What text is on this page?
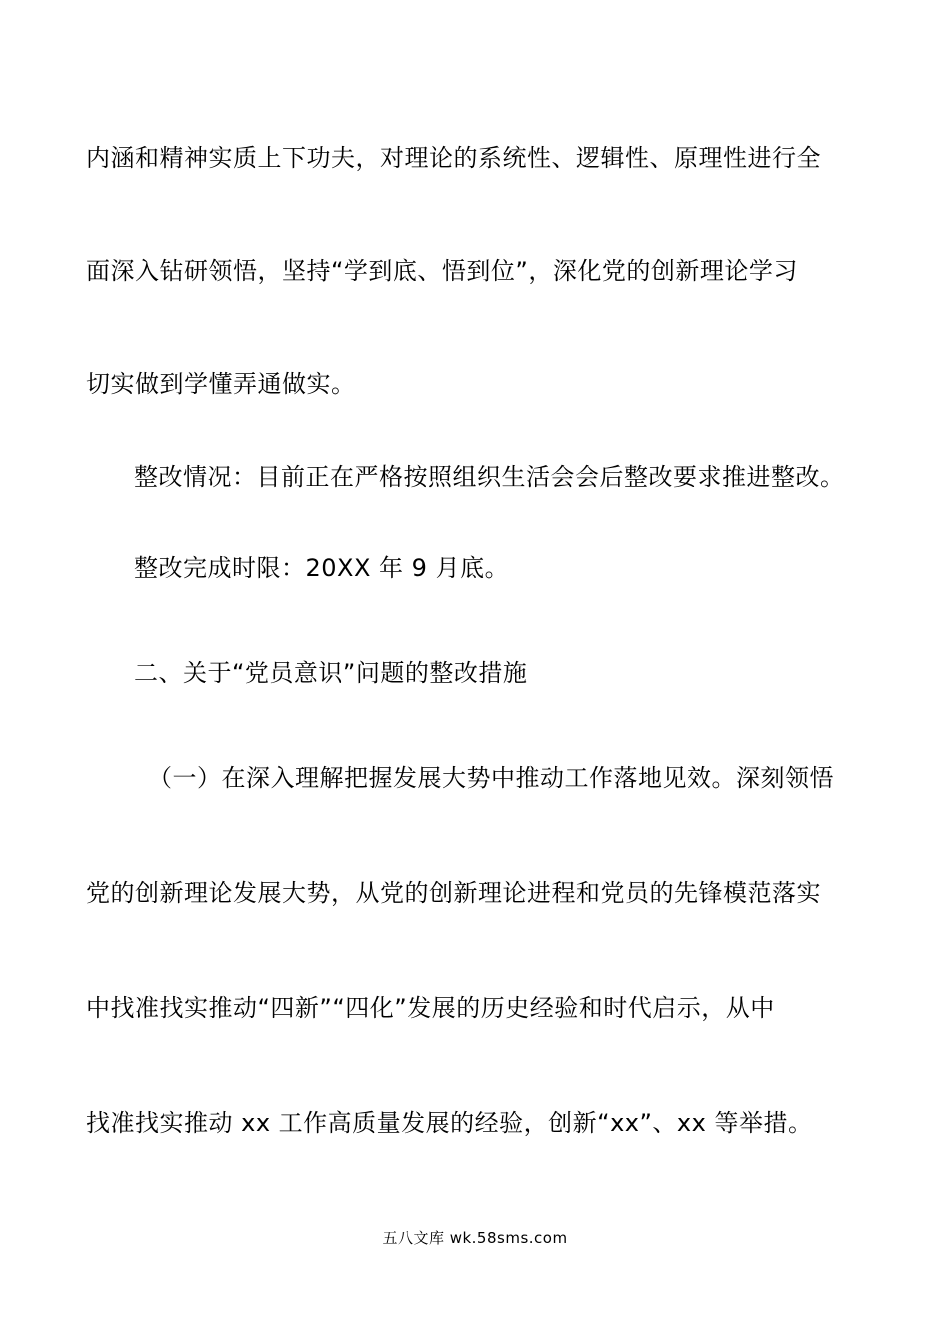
内涵和精神实质上下功夫，对理论的系统性、逻辑性、原理性进行全
面深入钻研领悟，坚持“学到底、悟到位”，深化党的创新理论学习
切实做到学懂弄通做实。
整改情况：目前正在严格按照组织生活会会后整改要求推进整改。
整改完成时限：20XX 年 9 月底。
二、关于“党员意识”问题的整改措施
（一）在深入理解把握发展大势中推动工作落地见效。深刻领悟
党的创新理论发展大势，从党的创新理论进程和党员的先锋模范落实
中找准找实推动“四新”“四化”发展的历史经验和时代启示，从中
找准找实推动 xx 工作高质量发展的经验，创新“xx”、xx 等举措。
五八文库 wk.58sms.com
